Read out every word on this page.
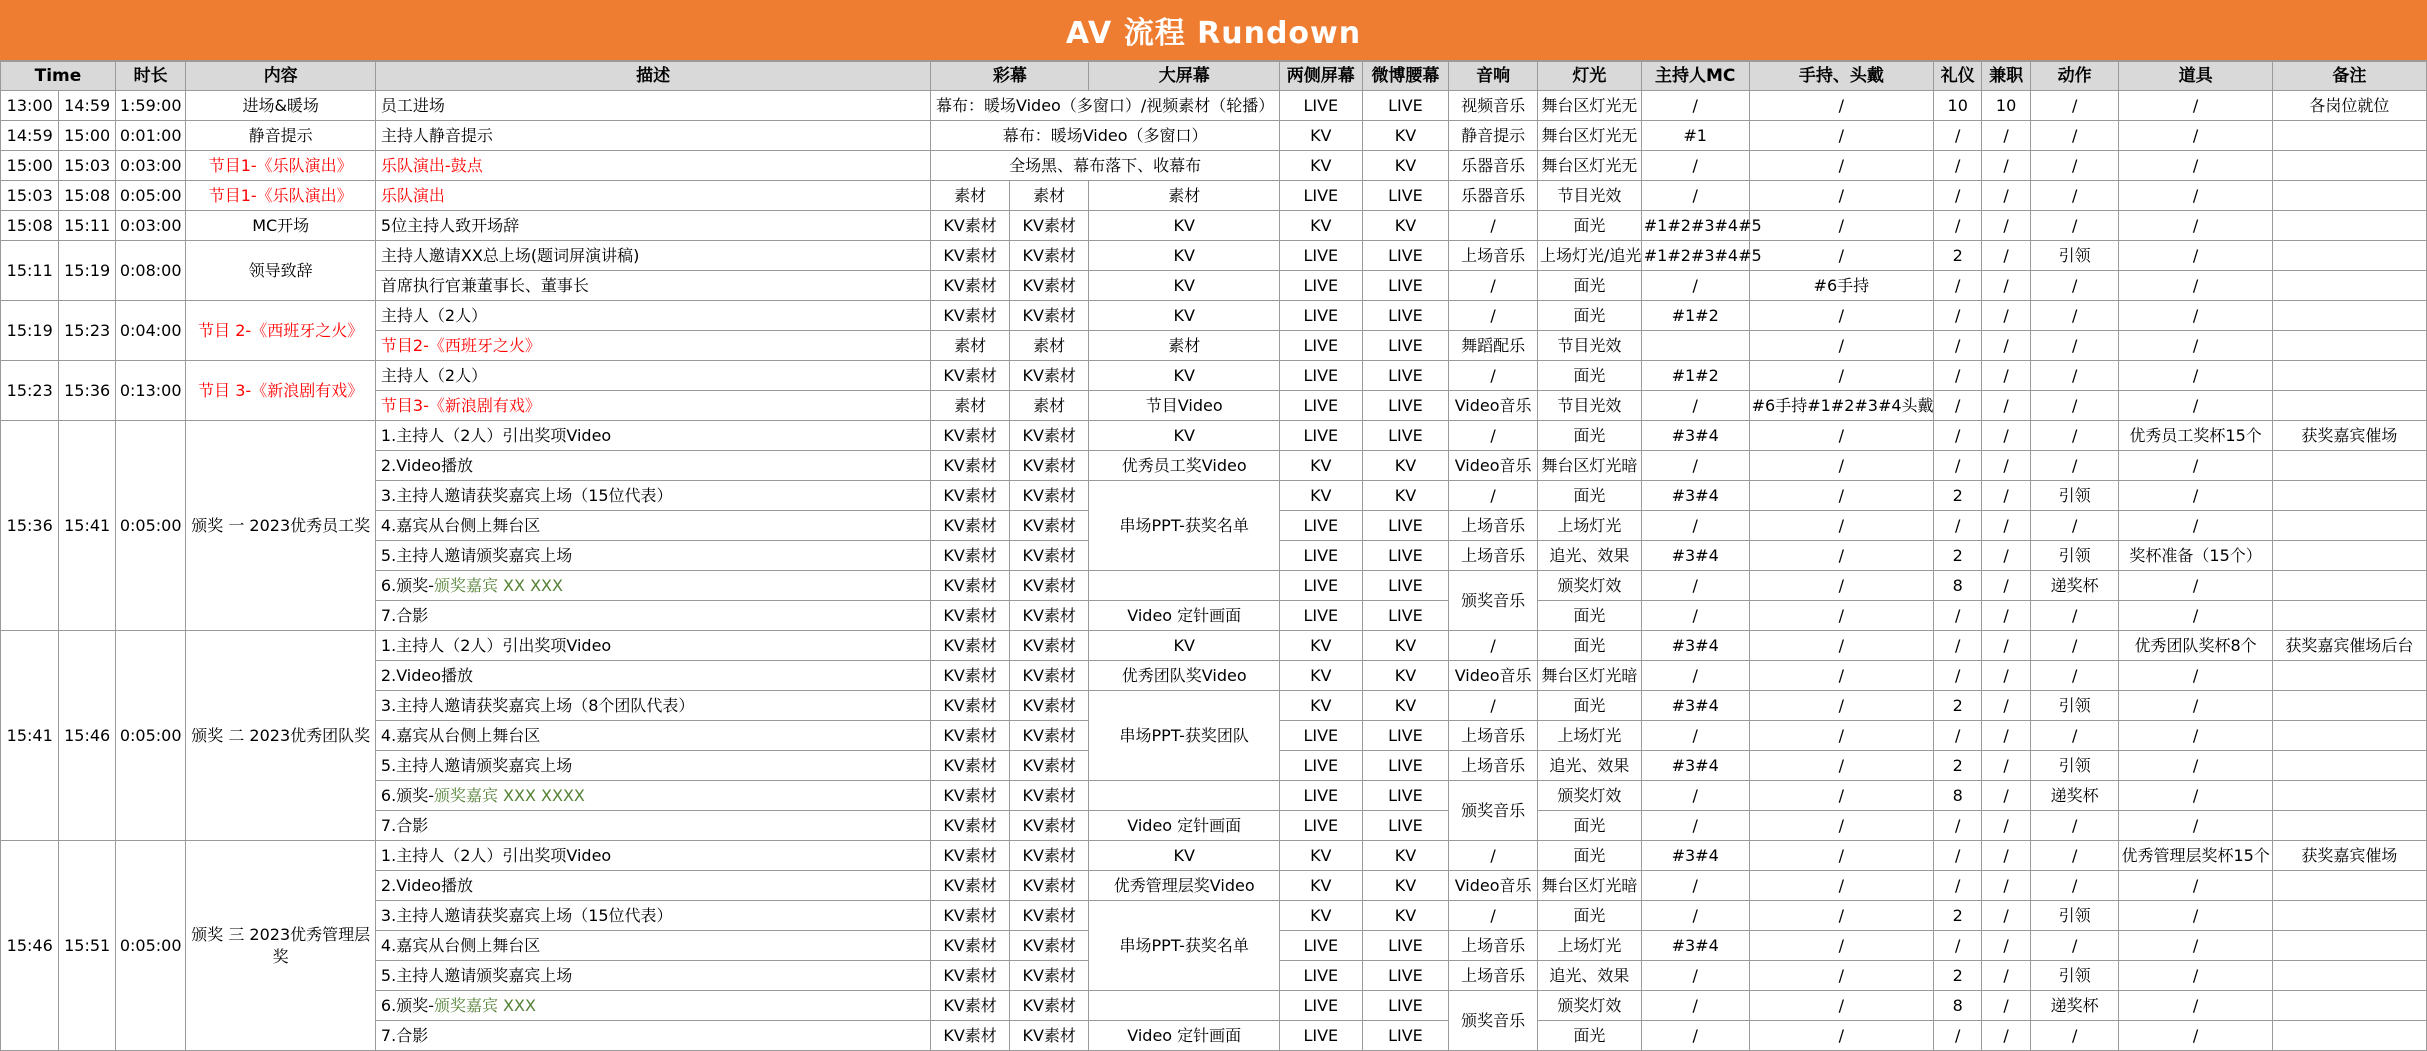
AV 流程 Rundown
Time		时长	内容	描述	彩幕		大屏幕	两侧屏幕	微博腰幕	音响	灯光	主持人MC	手持、头戴	礼仪	兼职	动作	道具	备注
13:00	14:59	1:59:00	进场&暖场	员工进场	幕布：暖场Video（多窗口）/视频素材（轮播）			LIVE	LIVE	视频音乐	舞台区灯光无	/	/	10	10	/	/	各岗位就位
14:59	15:00	0:01:00	静音提示	主持人静音提示	幕布：暖场Video（多窗口）			KV	KV	静音提示	舞台区灯光无	#1	/	/	/	/	/	
15:00	15:03	0:03:00	节目1-《乐队演出》	乐队演出-鼓点	全场黑、幕布落下、收幕布			KV	KV	乐器音乐	舞台区灯光无	/	/	/	/	/	/	
15:03	15:08	0:05:00	节目1-《乐队演出》	乐队演出	素材	素材	素材	LIVE	LIVE	乐器音乐	节目光效	/	/	/	/	/	/	
15:08	15:11	0:03:00	MC开场	5位主持人致开场辞	KV素材	KV素材	KV	KV	KV	/	面光	#1#2#3#4#5	/	/	/	/	/	
15:11	15:19	0:08:00	领导致辞	主持人邀请XX总上场(题词屏演讲稿)	KV素材	KV素材	KV	LIVE	LIVE	上场音乐	上场灯光/追光	#1#2#3#4#5	/	2	/	引领	/	
				首席执行官兼董事长、董事长	KV素材	KV素材	KV	LIVE	LIVE	/	面光	/	#6手持	/	/	/	/	
15:19	15:23	0:04:00	节目 2-《西班牙之火》	主持人（2人）	KV素材	KV素材	KV	LIVE	LIVE	/	面光	#1#2	/	/	/	/	/	
				节目2-《西班牙之火》	素材	素材	素材	LIVE	LIVE	舞蹈配乐	节目光效		/	/	/	/	/	
15:23	15:36	0:13:00	节目 3-《新浪剧有戏》	主持人（2人）	KV素材	KV素材	KV	LIVE	LIVE	/	面光	#1#2	/	/	/	/	/	
				节目3-《新浪剧有戏》	素材	素材	节目Video	LIVE	LIVE	Video音乐	节目光效	/	#6手持#1#2#3#4头戴	/	/	/	/	
15:36	15:41	0:05:00	颁奖 一 2023优秀员工奖	1.主持人（2人）引出奖项Video	KV素材	KV素材	KV	LIVE	LIVE	/	面光	#3#4	/	/	/	/	优秀员工奖杯15个	获奖嘉宾催场
				2.Video播放	KV素材	KV素材	优秀员工奖Video	KV	KV	Video音乐	舞台区灯光暗	/	/	/	/	/	/	
				3.主持人邀请获奖嘉宾上场（15位代表）	KV素材	KV素材	串场PPT-获奖名单	KV	KV	/	面光	#3#4	/	2	/	引领	/	
				4.嘉宾从台侧上舞台区	KV素材	KV素材		LIVE	LIVE	上场音乐	上场灯光	/	/	/	/	/	/	
				5.主持人邀请颁奖嘉宾上场	KV素材	KV素材		LIVE	LIVE	上场音乐	追光、效果	#3#4	/	2	/	引领	奖杯准备（15个）	
				6.颁奖-颁奖嘉宾 XX XXX	KV素材	KV素材		LIVE	LIVE	颁奖音乐	颁奖灯效	/	/	8	/	递奖杯	/	
				7.合影	KV素材	KV素材	Video 定针画面	LIVE	LIVE		面光	/	/	/	/	/	/	
15:41	15:46	0:05:00	颁奖 二 2023优秀团队奖	1.主持人（2人）引出奖项Video	KV素材	KV素材	KV	KV	KV	/	面光	#3#4	/	/	/	/	优秀团队奖杯8个	获奖嘉宾催场后台
				2.Video播放	KV素材	KV素材	优秀团队奖Video	KV	KV	Video音乐	舞台区灯光暗	/	/	/	/	/	/	
				3.主持人邀请获奖嘉宾上场（8个团队代表）	KV素材	KV素材	串场PPT-获奖团队	KV	KV	/	面光	#3#4	/	2	/	引领	/	
				4.嘉宾从台侧上舞台区	KV素材	KV素材		LIVE	LIVE	上场音乐	上场灯光	/	/	/	/	/	/	
				5.主持人邀请颁奖嘉宾上场	KV素材	KV素材		LIVE	LIVE	上场音乐	追光、效果	#3#4	/	2	/	引领	/	
				6.颁奖-颁奖嘉宾 XXX XXXX	KV素材	KV素材		LIVE	LIVE	颁奖音乐	颁奖灯效	/	/	8	/	递奖杯	/	
				7.合影	KV素材	KV素材	Video 定针画面	LIVE	LIVE		面光	/	/	/	/	/	/	
15:46	15:51	0:05:00	颁奖 三 2023优秀管理层奖	1.主持人（2人）引出奖项Video	KV素材	KV素材	KV	KV	KV	/	面光	#3#4	/	/	/	/	优秀管理层奖杯15个	获奖嘉宾催场
				2.Video播放	KV素材	KV素材	优秀管理层奖Video	KV	KV	Video音乐	舞台区灯光暗	/	/	/	/	/	/	
				3.主持人邀请获奖嘉宾上场（15位代表）	KV素材	KV素材	串场PPT-获奖名单	KV	KV	/	面光	/	/	2	/	引领	/	
				4.嘉宾从台侧上舞台区	KV素材	KV素材		LIVE	LIVE	上场音乐	上场灯光	#3#4	/	/	/	/	/	
				5.主持人邀请颁奖嘉宾上场	KV素材	KV素材		LIVE	LIVE	上场音乐	追光、效果	/	/	2	/	引领	/	
				6.颁奖-颁奖嘉宾 XXX	KV素材	KV素材		LIVE	LIVE	颁奖音乐	颁奖灯效	/	/	8	/	递奖杯	/	
				7.合影	KV素材	KV素材	Video 定针画面	LIVE	LIVE		面光	/	/	/	/	/	/	
